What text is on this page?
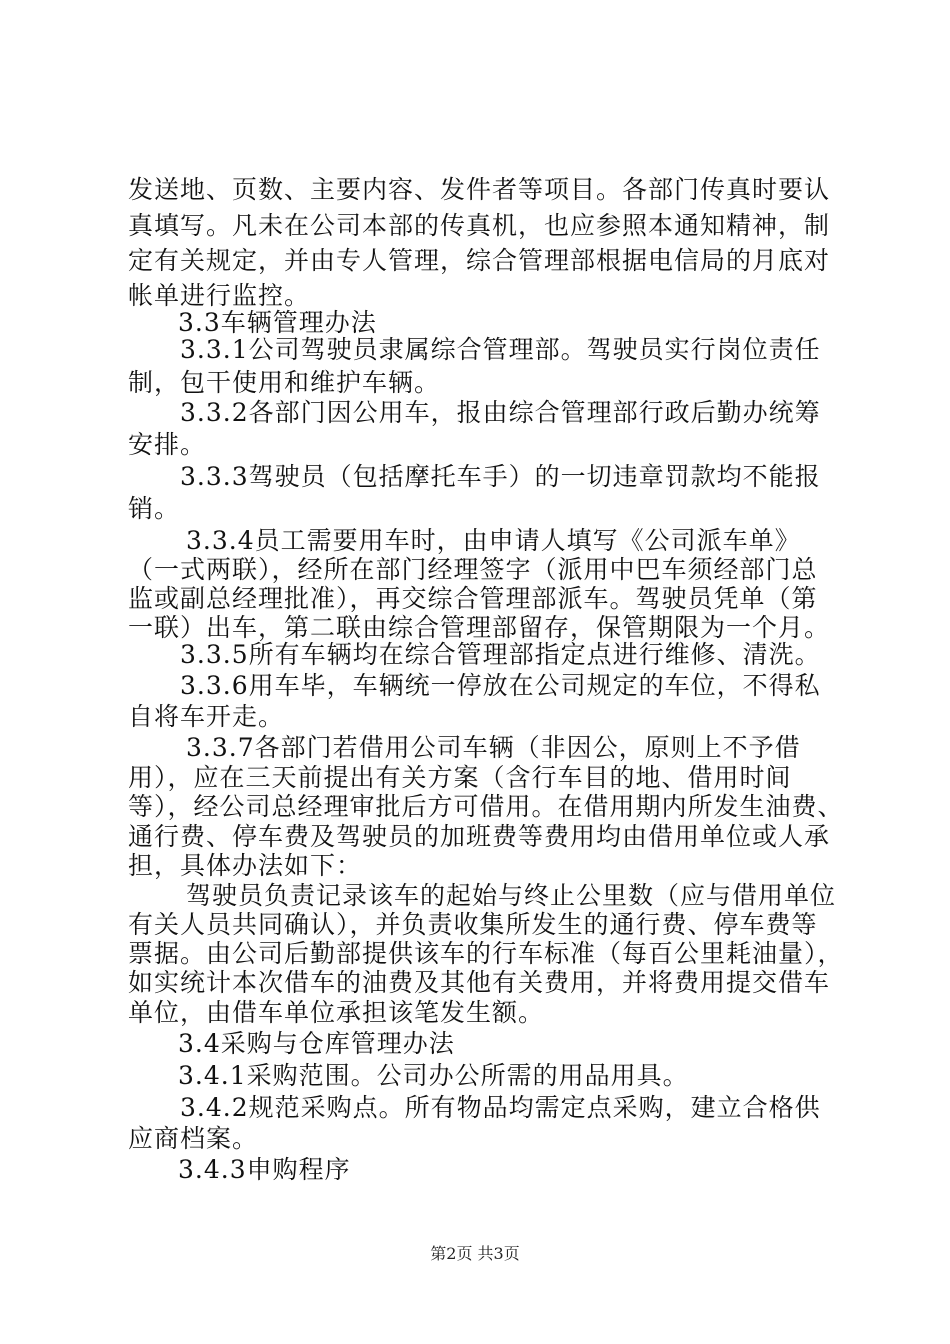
发送地、页数、主要内容、发件者等项目。各部门传真时要认
真填写。凡未在公司本部的传真机，也应参照本通知精神，制
定有关规定，并由专人管理，综合管理部根据电信局的月底对
帐单进行监控。
3.3车辆管理办法
3.3.1公司驾驶员隶属综合管理部。驾驶员实行岗位责任
制，包干使用和维护车辆。
3.3.2各部门因公用车，报由综合管理部行政后勤办统筹
安排。
3.3.3驾驶员（包括摩托车手）的一切违章罚款均不能报
销。
3.3.4员工需要用车时，由申请人填写《公司派车单》
（一式两联），经所在部门经理签字（派用中巴车须经部门总
监或副总经理批准），再交综合管理部派车。驾驶员凭单（第
一联）出车，第二联由综合管理部留存，保管期限为一个月。
3.3.5所有车辆均在综合管理部指定点进行维修、清洗。
3.3.6用车毕，车辆统一停放在公司规定的车位，不得私
自将车开走。
3.3.7各部门若借用公司车辆（非因公，原则上不予借
用），应在三天前提出有关方案（含行车目的地、借用时间
等），经公司总经理审批后方可借用。在借用期内所发生油费、
通行费、停车费及驾驶员的加班费等费用均由借用单位或人承
担，具体办法如下：
驾驶员负责记录该车的起始与终止公里数（应与借用单位
有关人员共同确认），并负责收集所发生的通行费、停车费等
票据。由公司后勤部提供该车的行车标准（每百公里耗油量），
如实统计本次借车的油费及其他有关费用，并将费用提交借车
单位，由借车单位承担该笔发生额。
3.4采购与仓库管理办法
3.4.1采购范围。公司办公所需的用品用具。
3.4.2规范采购点。所有物品均需定点采购，建立合格供
应商档案。
3.4.3申购程序
第2页 共3页
